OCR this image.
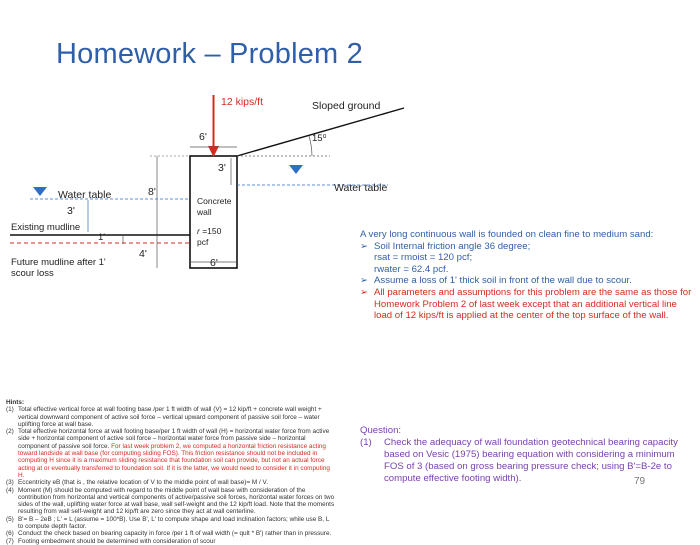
Homework – Problem 2
12 kips/ft	Sloped ground
15⁰
6'
3'
8'
Water table
Water table
3'
Existing mudline
1'
4'
Concrete
wall
r =150
pcf
6'
Future mudline after 1'
scour loss
Hints:
(1) Total effective vertical force at wall footing base /per 1 ft width of wall (V) = 12 kip/ft + concrete wall weight + vertical downward component of active soil force – vertical upward component of passive soil force – water uplifting force at wall base.
(2) Total effective horizontal force at wall footing base/per 1 ft width of wall (H) = horizontal water force from active side + horizontal component of active soil force – horizontal water force from passive side – horizontal component of passive soil force. For last week problem 2, we computed a horizontal friction resistance acting toward landside at wall base (for computing sliding FOS). This friction resistance should not be included in computing H since it is a maximum sliding resistance that foundation soil can provide, but not an actual force acting at or eventually transferred to foundation soil. If it is the latter, we would need to consider it in computing H.
(3) Eccentricity eB (that is , the relative location of V to the middle point of wall base)= M / V.
(4) Moment (M) should be computed with regard to the middle point of wall base with consideration of the contribution from horizontal and vertical components of active/passive soil forces, horizontal water forces on two sides of the wall, uplifting water force at wall base, wall self-weight and the 12 kip/ft load. Note that the moments resulting from wall self-weight and 12 kip/ft are zero since they act at wall centerline.
(5) B'= B – 2eB ; L' = L (assume = 100*B). Use B', L' to compute shape and load inclination factors; while use B, L to compute depth factor.
(6) Conduct the check based on bearing capacity in force /per 1 ft of wall width (= qult * B') rather than in pressure.
(7) Footing embedment should be determined with consideration of scour
A very long continuous wall is founded on clean fine to medium sand:
➢ Soil Internal friction angle 36 degree;
rsat = rmoist = 120 pcf;
rwater = 62.4 pcf.
➢ Assume a loss of 1' thick soil in front of the wall due to scour.
➢ All parameters and assumptions for this problem are the same as those for Homework Problem 2 of last week except that an additional vertical line load of 12 kips/ft is applied at the center of the top surface of the wall.
Question:
(1)	Check the adequacy of wall foundation geotechnical bearing capacity based on Vesic (1975) bearing equation with considering a minimum FOS of 3 (based on gross bearing pressure check; using B'=B-2e to compute effective footing width).	79
